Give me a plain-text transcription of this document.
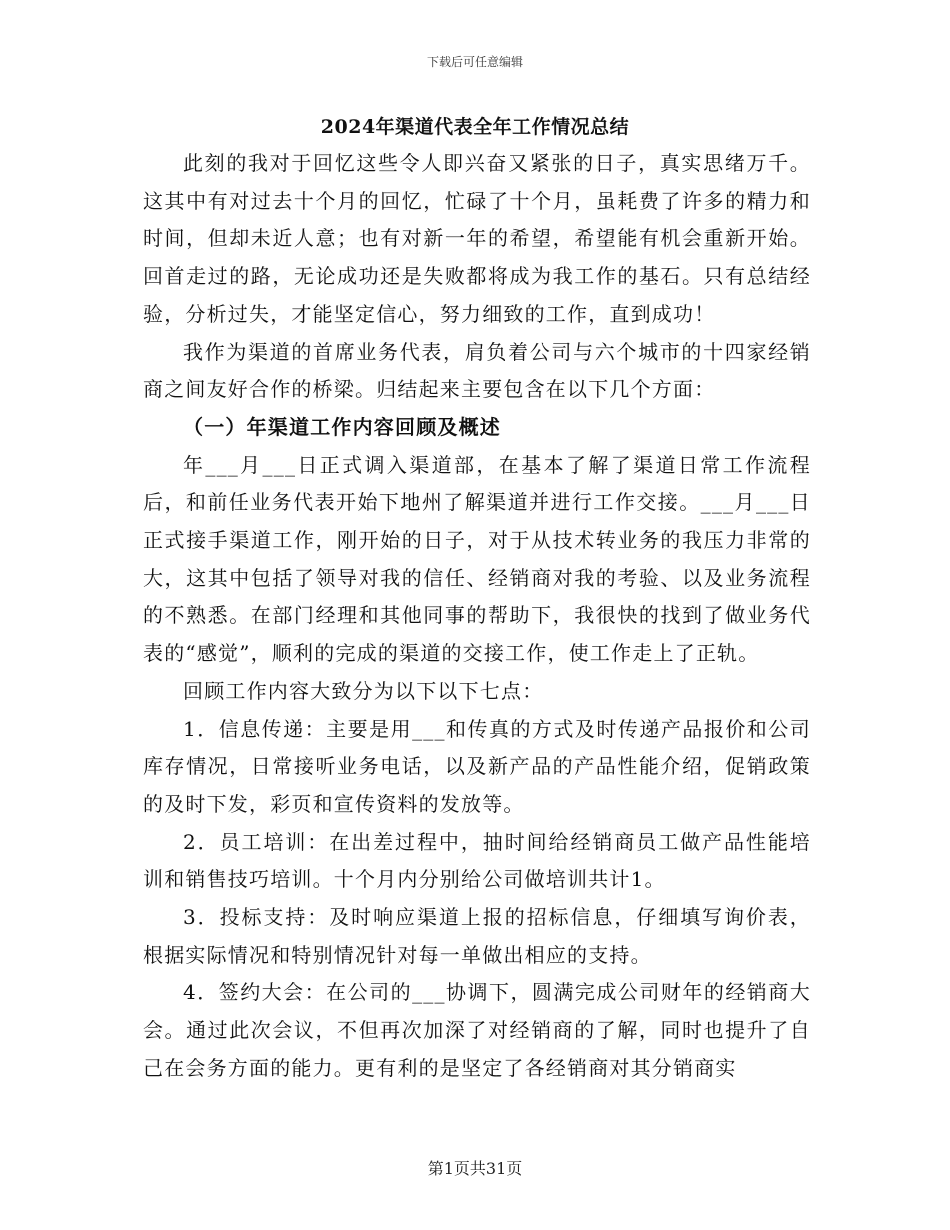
下载后可任意编辑
2024年渠道代表全年工作情况总结

此刻的我对于回忆这些令人即兴奋又紧张的日子，真实思绪万千。这其中有对过去十个月的回忆，忙碌了十个月，虽耗费了许多的精力和时间，但却未近人意；也有对新一年的希望，希望能有机会重新开始。回首走过的路，无论成功还是失败都将成为我工作的基石。只有总结经验，分析过失，才能坚定信心，努力细致的工作，直到成功！

我作为渠道的首席业务代表，肩负着公司与六个城市的十四家经销商之间友好合作的桥梁。归结起来主要包含在以下几个方面：

（一）年渠道工作内容回顾及概述

年___月___日正式调入渠道部，在基本了解了渠道日常工作流程后，和前任业务代表开始下地州了解渠道并进行工作交接。___月___日正式接手渠道工作，刚开始的日子，对于从技术转业务的我压力非常的大，这其中包括了领导对我的信任、经销商对我的考验、以及业务流程的不熟悉。在部门经理和其他同事的帮助下，我很快的找到了做业务代表的“感觉”，顺利的完成的渠道的交接工作，使工作走上了正轨。

回顾工作内容大致分为以下以下七点：

1．信息传递：主要是用___和传真的方式及时传递产品报价和公司库存情况，日常接听业务电话，以及新产品的产品性能介绍，促销政策的及时下发，彩页和宣传资料的发放等。

2．员工培训：在出差过程中，抽时间给经销商员工做产品性能培训和销售技巧培训。十个月内分别给公司做培训共计1。

3．投标支持：及时响应渠道上报的招标信息，仔细填写询价表，根据实际情况和特别情况针对每一单做出相应的支持。

4．签约大会：在公司的___协调下，圆满完成公司财年的经销商大会。通过此次会议，不但再次加深了对经销商的了解，同时也提升了自己在会务方面的能力。更有利的是坚定了各经销商对其分销商实

第1页共31页
